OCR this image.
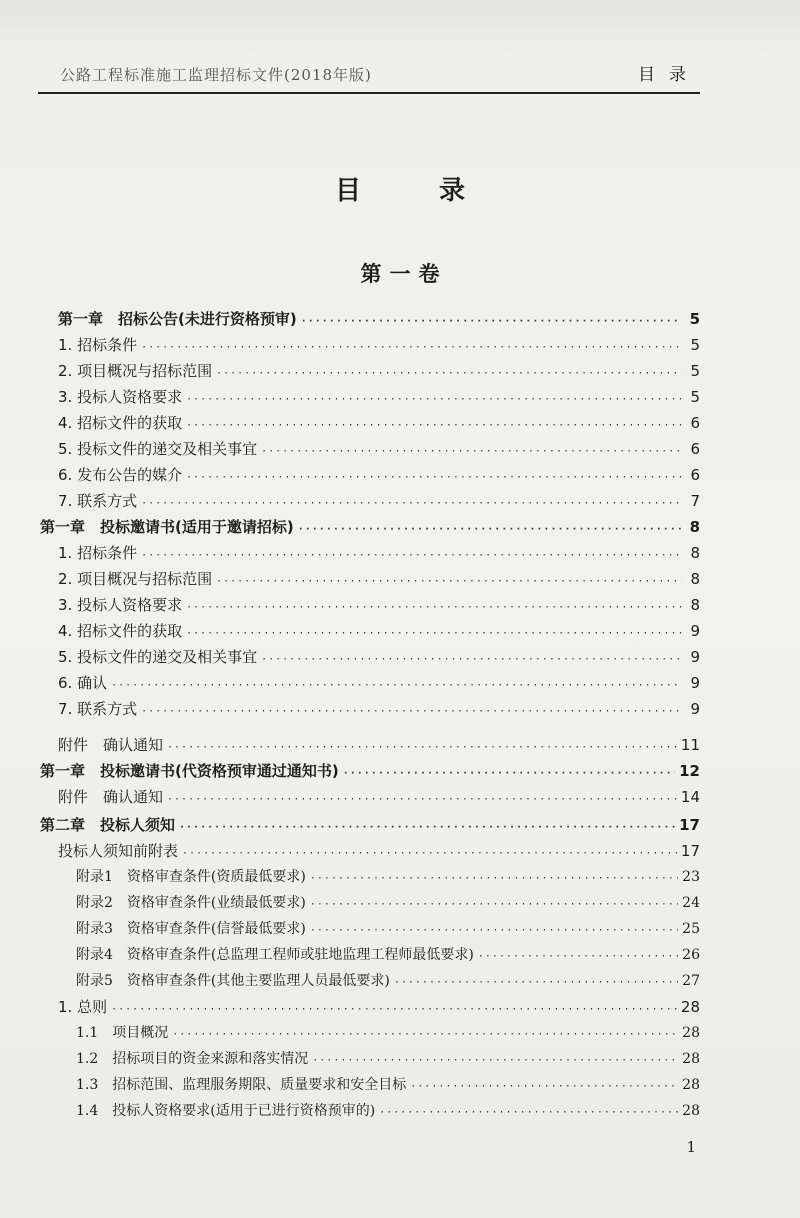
公路工程标准施工监理招标文件(2018年版)	目录
目　录
第一卷
第一章　招标公告(未进行资格预审) ·····	5
1. 招标条件 ·····	5
2. 项目概况与招标范围 ·····	5
3. 投标人资格要求 ·····	5
4. 招标文件的获取 ·····	6
5. 投标文件的递交及相关事宜 ·····	6
6. 发布公告的媒介 ·····	6
7. 联系方式 ·····	7
第一章　投标邀请书(适用于邀请招标) ·····	8
1. 招标条件 ·····	8
2. 项目概况与招标范围 ·····	8
3. 投标人资格要求 ·····	8
4. 招标文件的获取 ·····	9
5. 投标文件的递交及相关事宜 ·····	9
6. 确认 ·····	9
7. 联系方式 ·····	9
附件　确认通知 ·····	11
第一章　投标邀请书(代资格预审通过通知书) ·····	12
附件　确认通知 ·····	14
第二章　投标人须知 ·····	17
投标人须知前附表 ·····	17
附录1　资格审查条件(资质最低要求) ·····	23
附录2　资格审查条件(业绩最低要求) ·····	24
附录3　资格审查条件(信誉最低要求) ·····	25
附录4　资格审查条件(总监理工程师或驻地监理工程师最低要求) ·····	26
附录5　资格审查条件(其他主要监理人员最低要求) ·····	27
1. 总则 ·····	28
1.1　项目概况 ·····	28
1.2　招标项目的资金来源和落实情况 ·····	28
1.3　招标范围、监理服务期限、质量要求和安全目标 ·····	28
1.4　投标人资格要求(适用于已进行资格预审的) ·····	28
1
